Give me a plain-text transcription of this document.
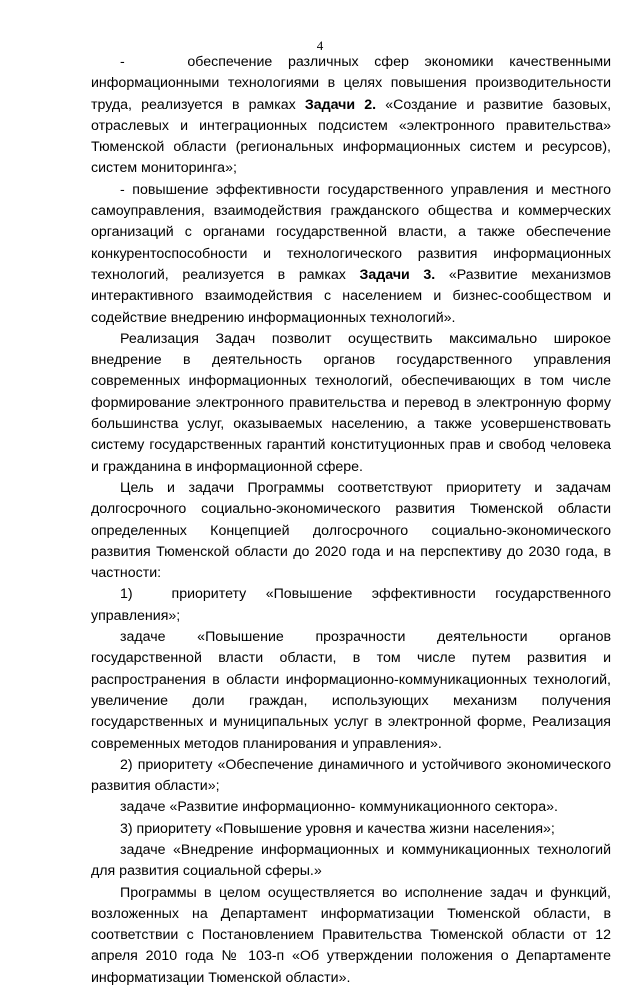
4

-    обеспечение различных сфер экономики качественными информационными технологиями в целях повышения производительности труда, реализуется в рамках Задачи 2. «Создание и развитие базовых, отраслевых и интеграционных подсистем «электронного правительства» Тюменской области (региональных информационных систем и ресурсов), систем мониторинга»;

- повышение эффективности государственного управления и местного самоуправления, взаимодействия гражданского общества и коммерческих организаций с органами государственной власти, а также обеспечение конкурентоспособности и технологического развития информационных технологий, реализуется в рамках Задачи 3. «Развитие механизмов интерактивного взаимодействия с населением и бизнес-сообществом и содействие внедрению информационных технологий».

Реализация Задач позволит осуществить максимально широкое внедрение в деятельность органов государственного управления современных информационных технологий, обеспечивающих в том числе формирование электронного правительства и перевод в электронную форму большинства услуг, оказываемых населению, а также усовершенствовать систему государственных гарантий конституционных прав и свобод человека и гражданина в информационной сфере.

Цель и задачи Программы соответствуют приоритету и задачам долгосрочного социально-экономического развития Тюменской области определенных Концепцией долгосрочного социально-экономического развития Тюменской области до 2020 года и на перспективу до 2030 года, в частности:

1)      приоритету   «Повышение   эффективности   государственного управления»;

задаче «Повышение прозрачности деятельности органов государственной власти области, в том числе путем развития и распространения в области информационно-коммуникационных технологий, увеличение доли граждан, использующих механизм получения государственных и муниципальных услуг в электронной форме, Реализация современных методов планирования и управления».

2) приоритету «Обеспечение динамичного и устойчивого экономического развития области»;

задаче «Развитие информационно- коммуникационного сектора».

3) приоритету «Повышение уровня и качества жизни населения»;

задаче «Внедрение информационных и коммуникационных технологий для развития социальной сферы.»

Программы в целом осуществляется во исполнение задач и функций, возложенных на Департамент информатизации Тюменской области, в соответствии с Постановлением Правительства Тюменской области от 12 апреля 2010 года № 103-п «Об утверждении положения о Департаменте информатизации Тюменской области».
